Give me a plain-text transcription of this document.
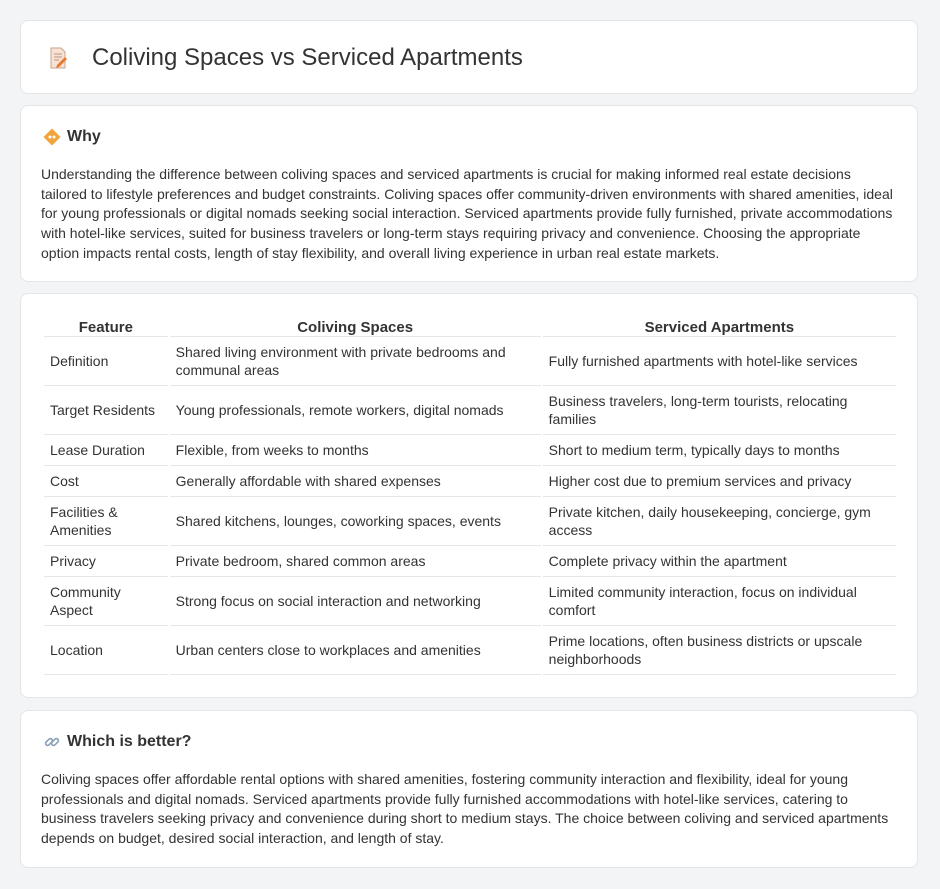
Coliving Spaces vs Serviced Apartments
Why

Understanding the difference between coliving spaces and serviced apartments is crucial for making informed real estate decisions tailored to lifestyle preferences and budget constraints. Coliving spaces offer community-driven environments with shared amenities, ideal for young professionals or digital nomads seeking social interaction. Serviced apartments provide fully furnished, private accommodations with hotel-like services, suited for business travelers or long-term stays requiring privacy and convenience. Choosing the appropriate option impacts rental costs, length of stay flexibility, and overall living experience in urban real estate markets.

Feature	Coliving Spaces	Serviced Apartments
Definition	Shared living environment with private bedrooms and communal areas	Fully furnished apartments with hotel-like services
Target Residents	Young professionals, remote workers, digital nomads	Business travelers, long-term tourists, relocating families
Lease Duration	Flexible, from weeks to months	Short to medium term, typically days to months
Cost	Generally affordable with shared expenses	Higher cost due to premium services and privacy
Facilities & Amenities	Shared kitchens, lounges, coworking spaces, events	Private kitchen, daily housekeeping, concierge, gym access
Privacy	Private bedroom, shared common areas	Complete privacy within the apartment
Community Aspect	Strong focus on social interaction and networking	Limited community interaction, focus on individual comfort
Location	Urban centers close to workplaces and amenities	Prime locations, often business districts or upscale neighborhoods
Which is better?

Coliving spaces offer affordable rental options with shared amenities, fostering community interaction and flexibility, ideal for young professionals and digital nomads. Serviced apartments provide fully furnished accommodations with hotel-like services, catering to business travelers seeking privacy and convenience during short to medium stays. The choice between coliving and serviced apartments depends on budget, desired social interaction, and length of stay.
